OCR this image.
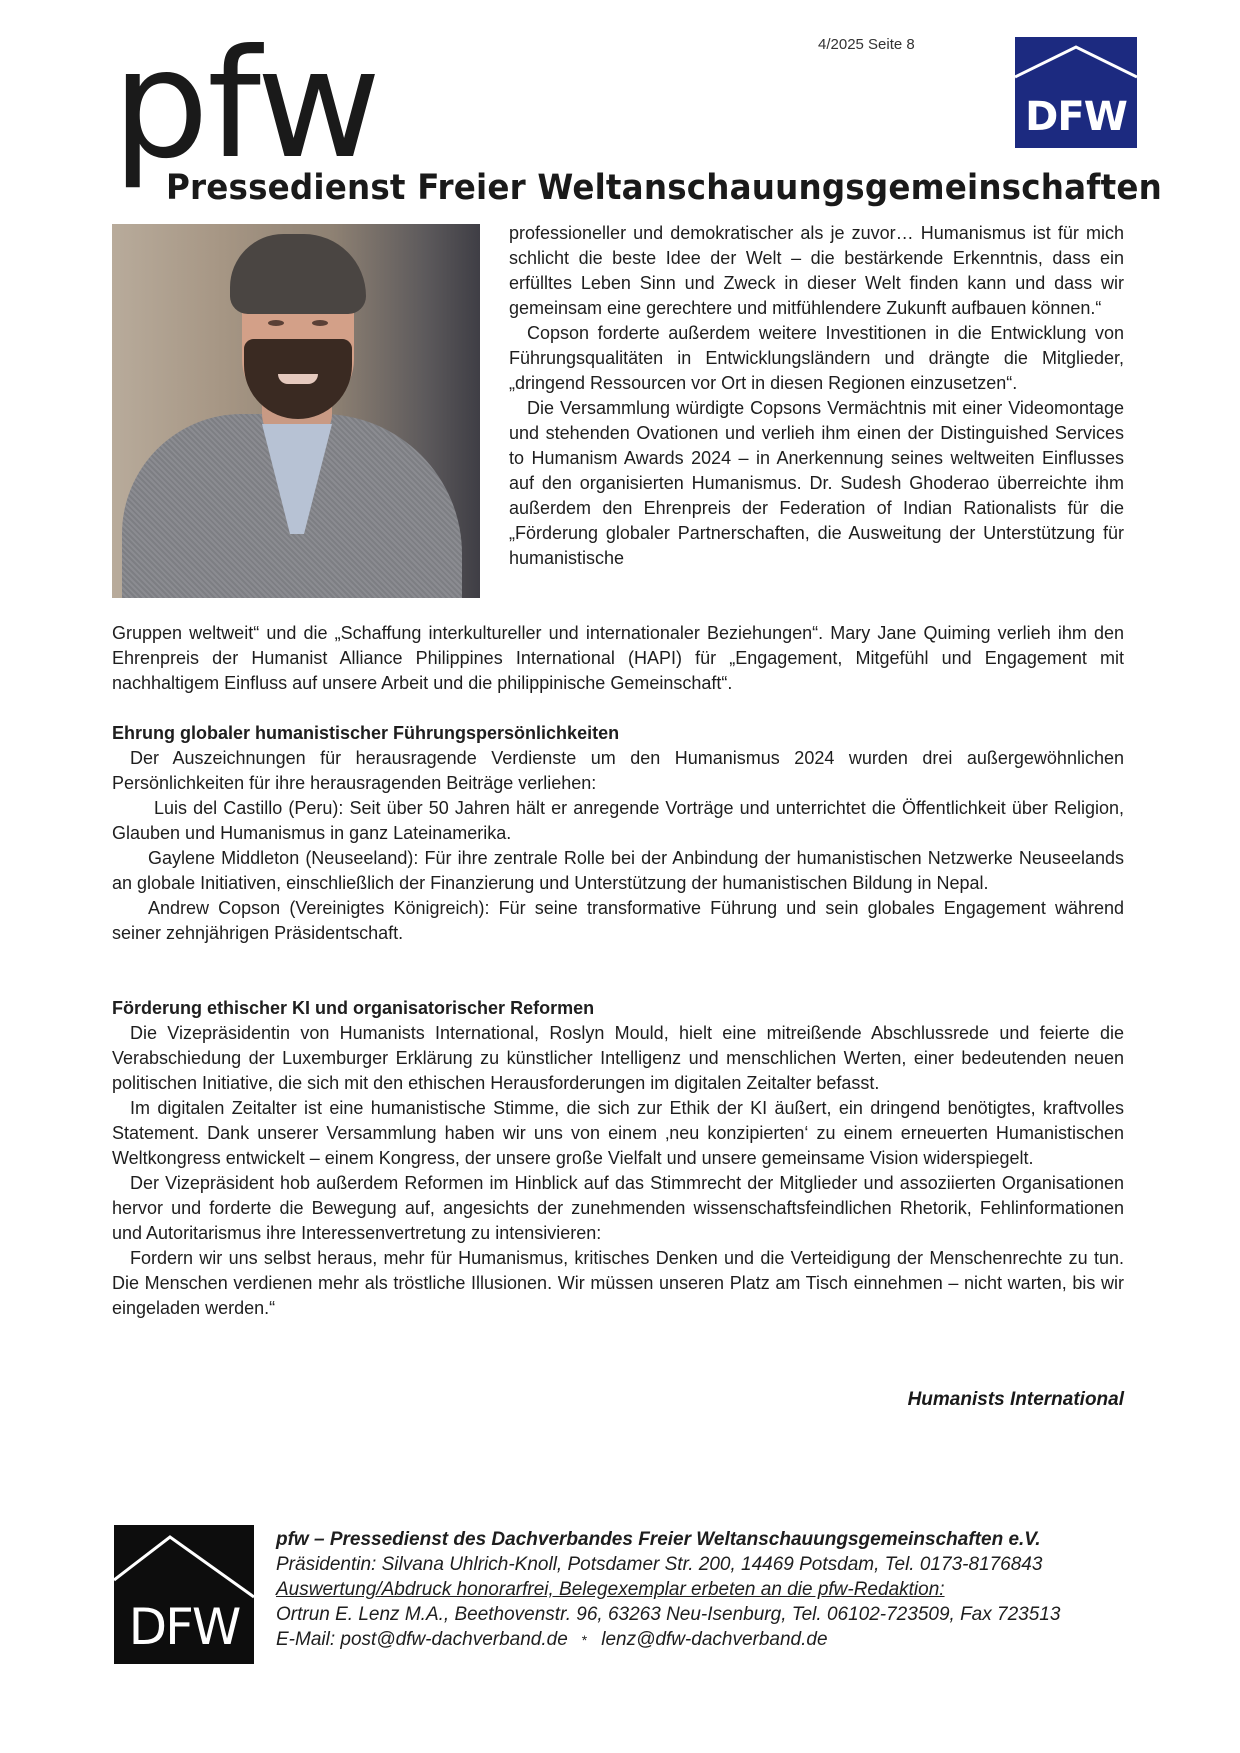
4/2025 Seite 8
pfw
Pressedienst Freier Weltanschauungsgemeinschaften
DFW

professioneller und demokratischer als je zuvor… Humanismus ist für mich schlicht die beste Idee der Welt – die bestärkende Erkenntnis, dass ein erfülltes Leben Sinn und Zweck in dieser Welt finden kann und dass wir gemeinsam eine gerechtere und mitfühlendere Zukunft aufbauen können.“

Copson forderte außerdem weitere Investitionen in die Entwicklung von Führungsqualitäten in Entwicklungsländern und drängte die Mitglieder, „dringend Ressourcen vor Ort in diesen Regionen einzusetzen“.

Die Versammlung würdigte Copsons Vermächtnis mit einer Videomontage und stehenden Ovationen und verlieh ihm einen der Distinguished Services to Humanism Awards 2024 – in Anerkennung seines weltweiten Einflusses auf den organisierten Humanismus. Dr. Sudesh Ghoderao überreichte ihm außerdem den Ehrenpreis der Federation of Indian Rationalists für die „Förderung globaler Partnerschaften, die Ausweitung der Unterstützung für humanistische

Gruppen weltweit“ und die „Schaffung interkultureller und internationaler Beziehungen“. Mary Jane Quiming verlieh ihm den Ehrenpreis der Humanist Alliance Philippines International (HAPI) für „Engagement, Mitgefühl und Engagement mit nachhaltigem Einfluss auf unsere Arbeit und die philippinische Gemeinschaft“.

Ehrung globaler humanistischer Führungspersönlichkeiten

Der Auszeichnungen für herausragende Verdienste um den Humanismus 2024 wurden drei außergewöhnlichen Persönlichkeiten für ihre herausragenden Beiträge verliehen:

Luis del Castillo (Peru): Seit über 50 Jahren hält er anregende Vorträge und unterrichtet die Öffentlichkeit über Religion, Glauben und Humanismus in ganz Lateinamerika.

Gaylene Middleton (Neuseeland): Für ihre zentrale Rolle bei der Anbindung der humanistischen Netzwerke Neuseelands an globale Initiativen, einschließlich der Finanzierung und Unterstützung der humanistischen Bildung in Nepal.

Andrew Copson (Vereinigtes Königreich): Für seine transformative Führung und sein globales Engagement während seiner zehnjährigen Präsidentschaft.

Förderung ethischer KI und organisatorischer Reformen

Die Vizepräsidentin von Humanists International, Roslyn Mould, hielt eine mitreißende Abschlussrede und feierte die Verabschiedung der Luxemburger Erklärung zu künstlicher Intelligenz und menschlichen Werten, einer bedeutenden neuen politischen Initiative, die sich mit den ethischen Herausforderungen im digitalen Zeitalter befasst.

Im digitalen Zeitalter ist eine humanistische Stimme, die sich zur Ethik der KI äußert, ein dringend benötigtes, kraftvolles Statement. Dank unserer Versammlung haben wir uns von einem ‚neu konzipierten‘ zu einem erneuerten Humanistischen Weltkongress entwickelt – einem Kongress, der unsere große Vielfalt und unsere gemeinsame Vision widerspiegelt.

Der Vizepräsident hob außerdem Reformen im Hinblick auf das Stimmrecht der Mitglieder und assoziierten Organisationen hervor und forderte die Bewegung auf, angesichts der zunehmenden wissenschaftsfeindlichen Rhetorik, Fehlinformationen und Autoritarismus ihre Interessenvertretung zu intensivieren:

Fordern wir uns selbst heraus, mehr für Humanismus, kritisches Denken und die Verteidigung der Menschenrechte zu tun. Die Menschen verdienen mehr als tröstliche Illusionen. Wir müssen unseren Platz am Tisch einnehmen – nicht warten, bis wir eingeladen werden.“

Humanists International
DFW
pfw – Pressedienst des Dachverbandes Freier Weltanschauungsgemeinschaften e.V.
Präsidentin: Silvana Uhlrich-Knoll, Potsdamer Str. 200, 14469 Potsdam, Tel. 0173-8176843
Auswertung/Abdruck honorarfrei, Belegexemplar erbeten an die pfw-Redaktion:
Ortrun E. Lenz M.A., Beethovenstr. 96, 63263 Neu-Isenburg, Tel. 06102-723509, Fax 723513
E-Mail: post@dfw-dachverband.de * lenz@dfw-dachverband.de
